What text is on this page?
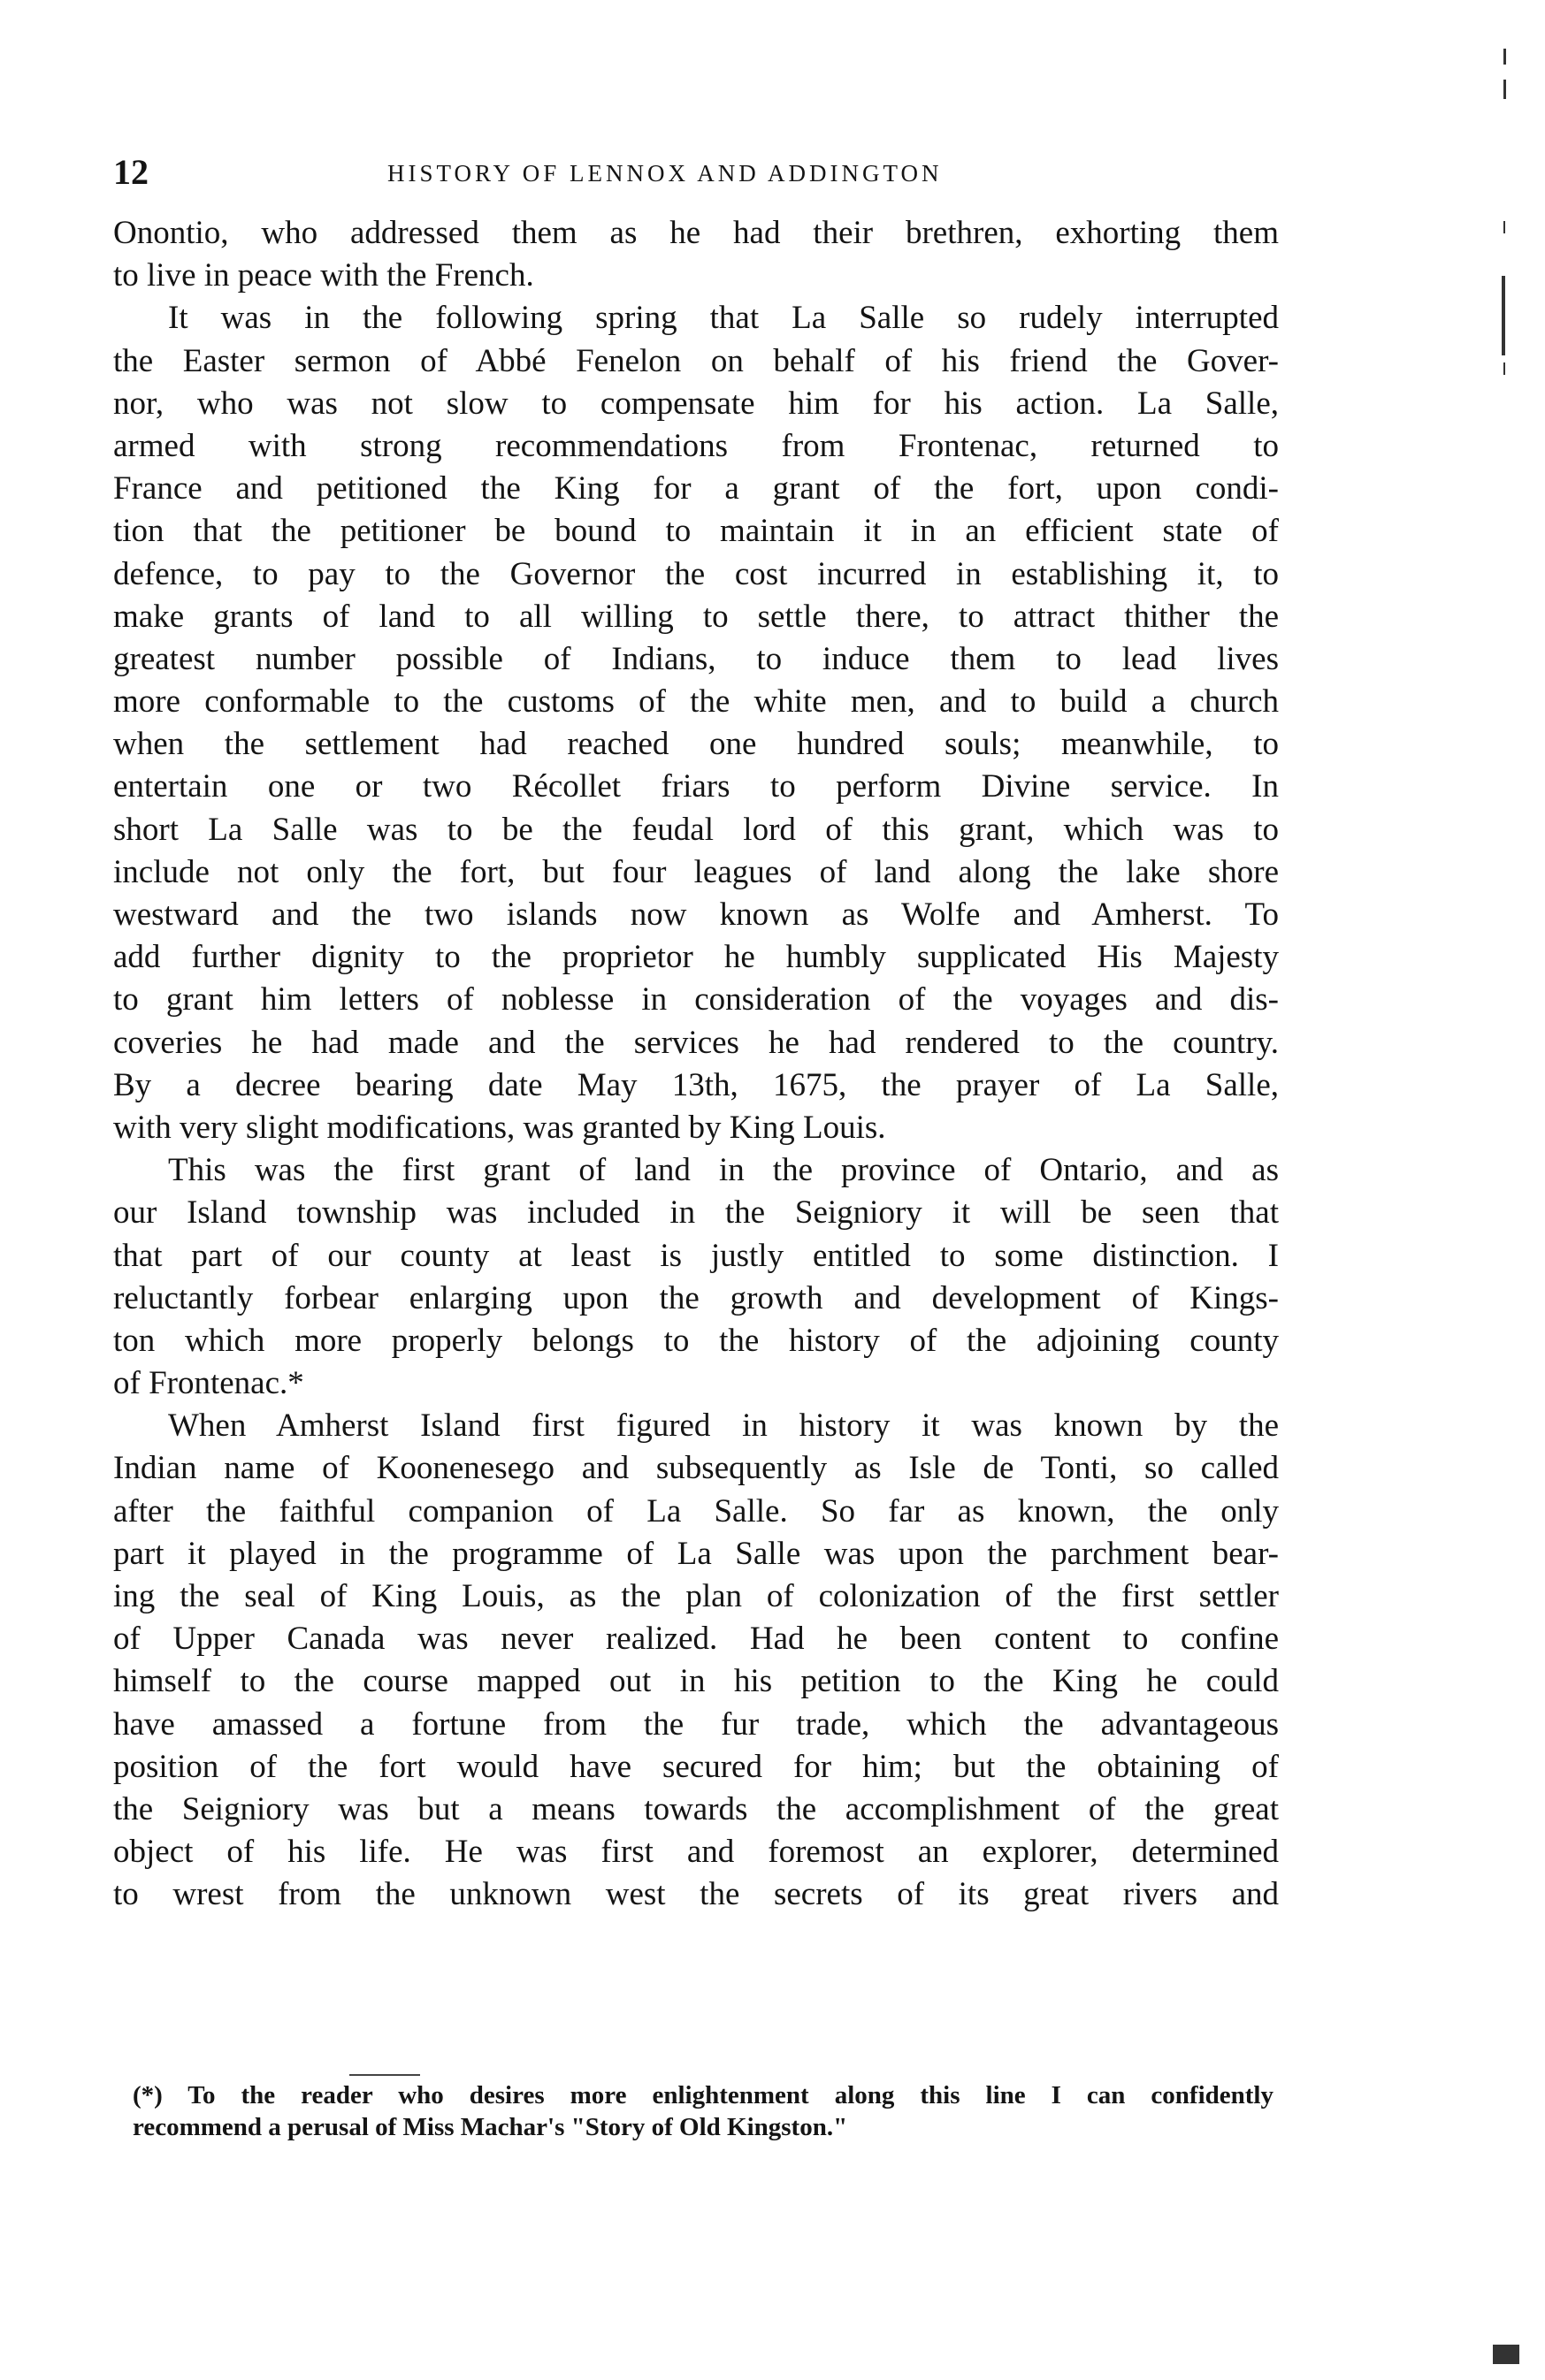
12	HISTORY OF LENNOX AND ADDINGTON
Onontio, who addressed them as he had their brethren, exhorting them
to live in peace with the French.
It was in the following spring that La Salle so rudely interrupted
the Easter sermon of Abbé Fenelon on behalf of his friend the Gover-
nor, who was not slow to compensate him for his action. La Salle,
armed with strong recommendations from Frontenac, returned to
France and petitioned the King for a grant of the fort, upon condi-
tion that the petitioner be bound to maintain it in an efficient state of
defence, to pay to the Governor the cost incurred in establishing it, to
make grants of land to all willing to settle there, to attract thither the
greatest number possible of Indians, to induce them to lead lives
more conformable to the customs of the white men, and to build a church
when the settlement had reached one hundred souls; meanwhile, to
entertain one or two Récollet friars to perform Divine service. In
short La Salle was to be the feudal lord of this grant, which was to
include not only the fort, but four leagues of land along the lake shore
westward and the two islands now known as Wolfe and Amherst. To
add further dignity to the proprietor he humbly supplicated His Majesty
to grant him letters of noblesse in consideration of the voyages and dis-
coveries he had made and the services he had rendered to the country.
By a decree bearing date May 13th, 1675, the prayer of La Salle,
with very slight modifications, was granted by King Louis.
This was the first grant of land in the province of Ontario, and as
our Island township was included in the Seigniory it will be seen that
that part of our county at least is justly entitled to some distinction. I
reluctantly forbear enlarging upon the growth and development of Kings-
ton which more properly belongs to the history of the adjoining county
of Frontenac.*
When Amherst Island first figured in history it was known by the
Indian name of Koonenesego and subsequently as Isle de Tonti, so called
after the faithful companion of La Salle. So far as known, the only
part it played in the programme of La Salle was upon the parchment bear-
ing the seal of King Louis, as the plan of colonization of the first settler
of Upper Canada was never realized. Had he been content to confine
himself to the course mapped out in his petition to the King he could
have amassed a fortune from the fur trade, which the advantageous
position of the fort would have secured for him; but the obtaining of
the Seigniory was but a means towards the accomplishment of the great
object of his life. He was first and foremost an explorer, determined
to wrest from the unknown west the secrets of its great rivers and
(*) To the reader who desires more enlightenment along this line I can confidently
recommend a perusal of Miss Machar's "Story of Old Kingston."
